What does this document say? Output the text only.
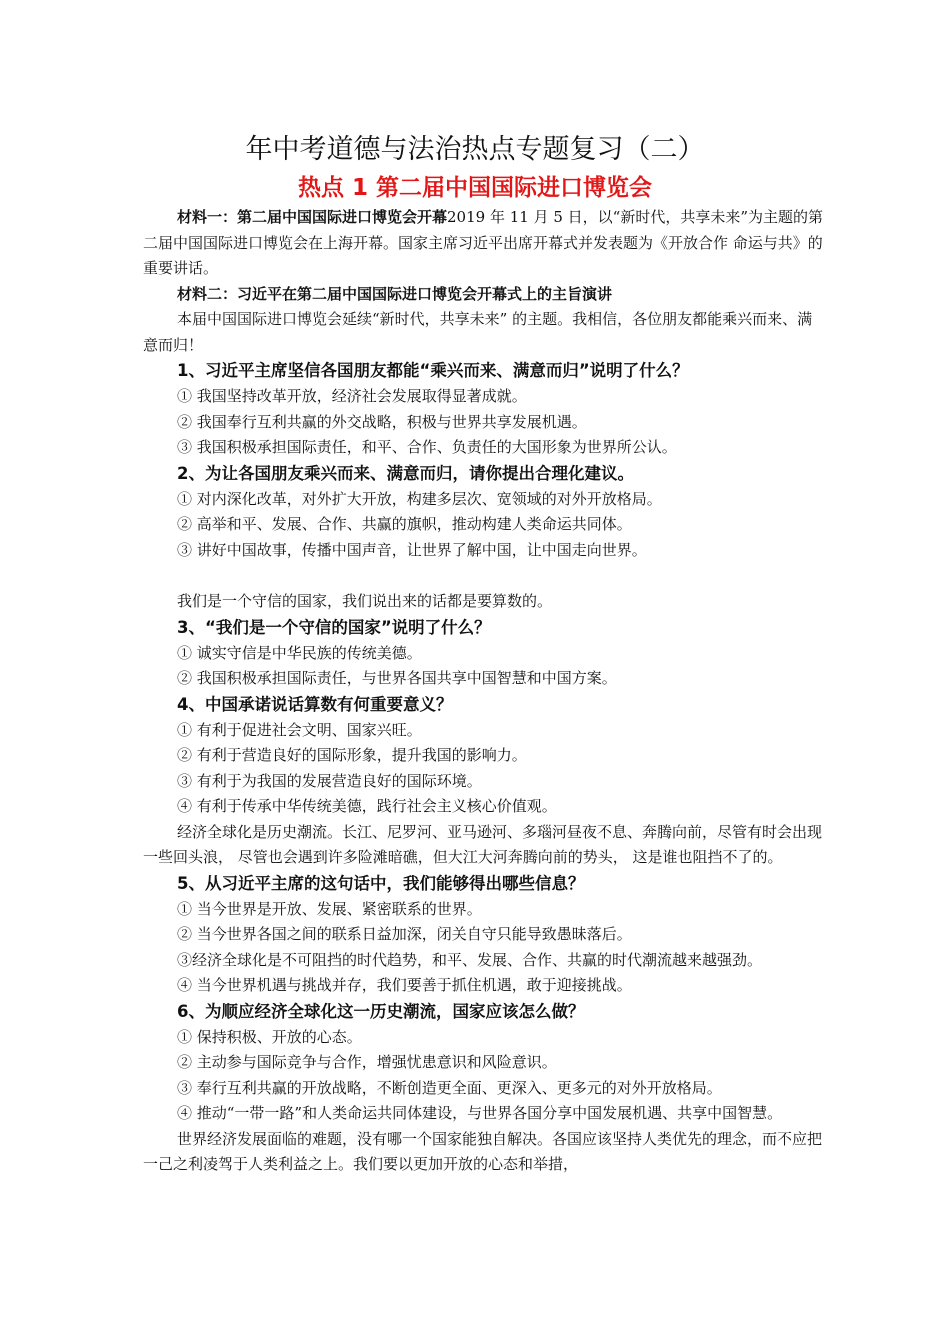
年中考道德与法治热点专题复习（二）
热点 1 第二届中国国际进口博览会

材料一：第二届中国国际进口博览会开幕2019 年 11 月 5 日，以“新时代，共享未来”为主题的第二届中国国际进口博览会在上海开幕。国家主席习近平出席开幕式并发表题为《开放合作 命运与共》的重要讲话。

材料二：习近平在第二届中国国际进口博览会开幕式上的主旨演讲

本届中国国际进口博览会延续“新时代，共享未来” 的主题。我相信，各位朋友都能乘兴而来、满意而归！

1、习近平主席坚信各国朋友都能“乘兴而来、满意而归”说明了什么？

① 我国坚持改革开放，经济社会发展取得显著成就。

② 我国奉行互利共赢的外交战略，积极与世界共享发展机遇。

③ 我国积极承担国际责任，和平、合作、负责任的大国形象为世界所公认。

2、为让各国朋友乘兴而来、满意而归，请你提出合理化建议。

① 对内深化改革，对外扩大开放，构建多层次、宽领域的对外开放格局。

② 高举和平、发展、合作、共赢的旗帜，推动构建人类命运共同体。

③ 讲好中国故事，传播中国声音，让世界了解中国，让中国走向世界。

我们是一个守信的国家，我们说出来的话都是要算数的。

3、“我们是一个守信的国家”说明了什么？

① 诚实守信是中华民族的传统美德。

② 我国积极承担国际责任，与世界各国共享中国智慧和中国方案。

4、中国承诺说话算数有何重要意义？

① 有利于促进社会文明、国家兴旺。

② 有利于营造良好的国际形象，提升我国的影响力。

③ 有利于为我国的发展营造良好的国际环境。

④ 有利于传承中华传统美德，践行社会主义核心价值观。

经济全球化是历史潮流。长江、尼罗河、亚马逊河、多瑙河昼夜不息、奔腾向前，尽管有时会出现一些回头浪， 尽管也会遇到许多险滩暗礁，但大江大河奔腾向前的势头， 这是谁也阻挡不了的。

5、从习近平主席的这句话中，我们能够得出哪些信息？

① 当今世界是开放、发展、紧密联系的世界。

② 当今世界各国之间的联系日益加深，闭关自守只能导致愚昧落后。

③经济全球化是不可阻挡的时代趋势，和平、发展、合作、共赢的时代潮流越来越强劲。

④ 当今世界机遇与挑战并存，我们要善于抓住机遇，敢于迎接挑战。

6、为顺应经济全球化这一历史潮流，国家应该怎么做？

① 保持积极、开放的心态。

② 主动参与国际竞争与合作，增强忧患意识和风险意识。

③ 奉行互利共赢的开放战略，不断创造更全面、更深入、更多元的对外开放格局。

④ 推动“一带一路”和人类命运共同体建设，与世界各国分享中国发展机遇、共享中国智慧。

世界经济发展面临的难题，没有哪一个国家能独自解决。各国应该坚持人类优先的理念，而不应把一己之利凌驾于人类利益之上。我们要以更加开放的心态和举措，
